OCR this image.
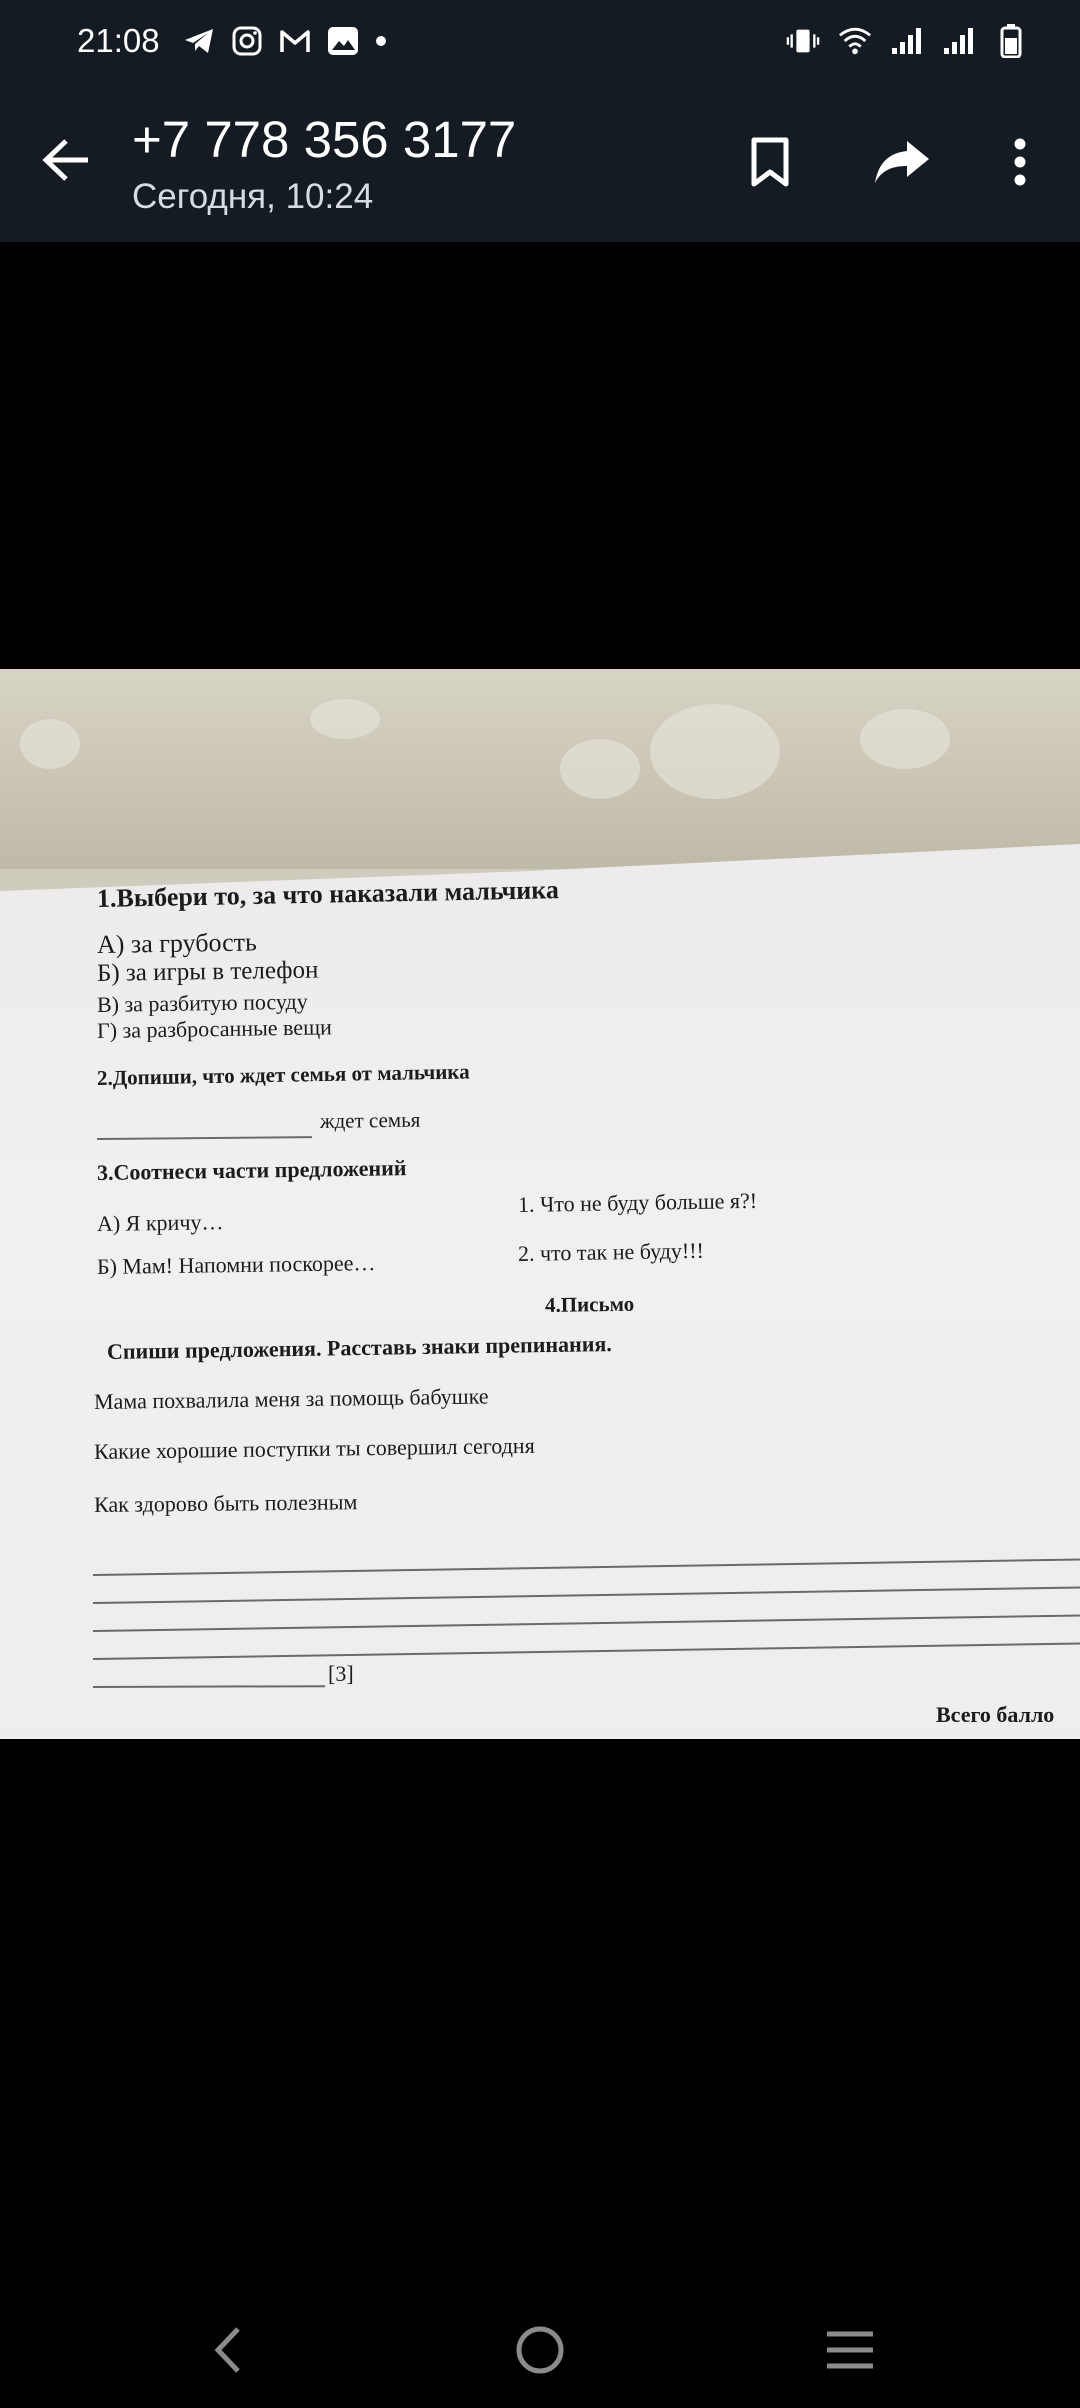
21:08
+7 778 356 3177
Сегодня, 10:24
1.Выбери то, за что наказали мальчика
А) за грубость
Б) за игры в телефон
В) за разбитую посуду
Г) за разбросанные вещи
2.Допиши, что ждет семья от мальчика
ждет семья
3.Соотнеси части предложений
А) Я кричу…
Б) Мам! Напомни поскорее…
1. Что не буду больше я?!
2. что так не буду!!!
4.Письмо
Спиши предложения. Расставь знаки препинания.
Мама похвалила меня за помощь бабушке
Какие хорошие поступки ты совершил сегодня
Как здорово быть полезным
[3]
Всего балло
